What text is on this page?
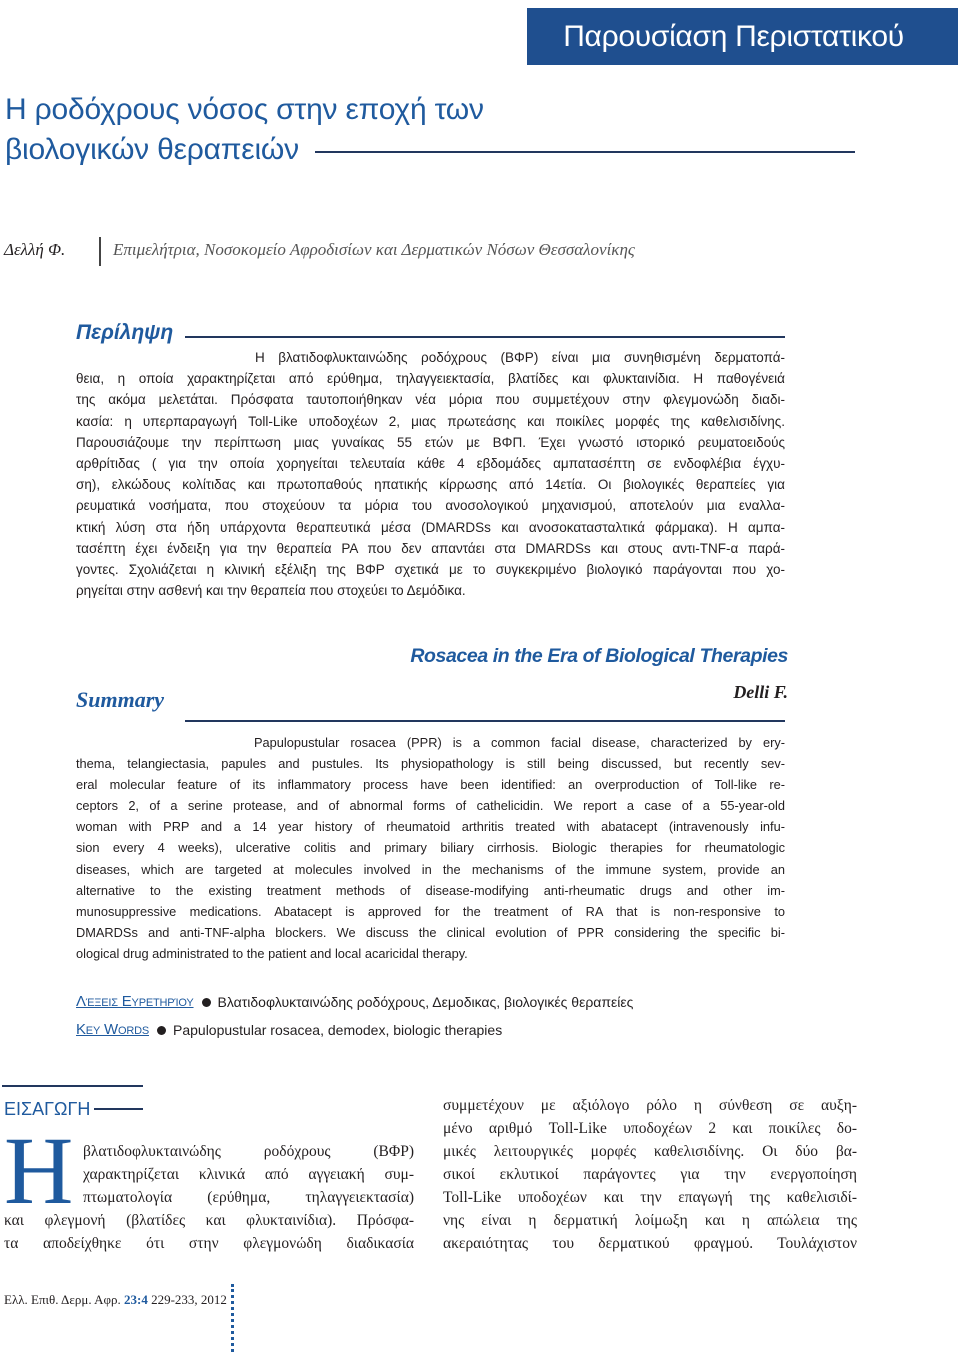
Παρουσίαση Περιστατικού
Η ροδόχρους νόσος στην εποχή των
βιολογικών θεραπειών
Δελλή Φ.	Επιμελήτρια, Νοσοκομείο Αφροδισίων και Δερματικών Νόσων Θεσσαλονίκης
Περίληψη
Η βλατιδοφλυκταινώδης ροδόχρους (ΒΦΡ) είναι μια συνηθισμένη δερματοπά-
θεια, η οποία χαρακτηρίζεται από ερύθημα, τηλαγγειεκτασία, βλατίδες και φλυκταινίδια. Η παθογένειά
της ακόμα μελετάται. Πρόσφατα ταυτοποιήθηκαν νέα μόρια που συμμετέχουν στην φλεγμονώδη διαδι-
κασία: η υπερπαραγωγή Toll-Like υποδοχέων 2, μιας πρωτεάσης και ποικίλες μορφές της καθελισιδίνης.
Παρουσιάζουμε την περίπτωση μιας γυναίκας 55 ετών με ΒΦΠ. Έχει γνωστό ιστορικό ρευματοειδούς
αρθρίτιδας ( για την οποία χορηγείται τελευταία κάθε 4 εβδομάδες αμπατασέπτη σε ενδοφλέβια έγχυ-
ση), ελκώδους κολίτιδας και πρωτοπαθούς ηπατικής κίρρωσης από 14ετία. Οι βιολογικές θεραπείες για
ρευματικά νοσήματα, που στοχεύουν τα μόρια του ανοσολογικού μηχανισμού, αποτελούν μια εναλλα-
κτική λύση στα ήδη υπάρχοντα θεραπευτικά μέσα (DMARDSs και ανοσοκατασταλτικά φάρμακα). Η αμπα-
τασέπτη έχει ένδειξη για την θεραπεία ΡΑ που δεν απαντάει στα DMARDSs και στους αντι-TNF-α παρά-
γοντες. Σχολιάζεται η κλινική εξέλιξη της ΒΦΡ σχετικά με το συγκεκριμένο βιολογικό παράγονται που χο-
ρηγείται στην ασθενή και την θεραπεία που στοχεύει το Δεμόδικα.
Rosacea in the Era of Biological Therapies
Summary	Delli F.
Papulopustular rosacea (PPR) is a common facial disease, characterized by ery-
thema, telangiectasia, papules and pustules. Its physiopathology is still being discussed, but recently sev-
eral molecular feature of its inflammatory process have been identified: an overproduction of Toll-like re-
ceptors 2, of a serine protease, and of abnormal forms of cathelicidin. We report a case of a 55-year-old
woman with PRP and a 14 year history of rheumatoid arthritis treated with abatacept (intravenously infu-
sion every 4 weeks), ulcerative colitis and primary biliary cirrhosis. Biologic therapies for rheumatologic
diseases, which are targeted at molecules involved in the mechanisms of the immune system, provide an
alternative to the existing treatment methods of disease-modifying anti-rheumatic drugs and other im-
munosuppressive medications. Abatacept is approved for the treatment of RA that is non-responsive to
DMARDSs and anti-TNF-alpha blockers. We discuss the clinical evolution of PPR considering the specific bi-
ological drug administrated to the patient and local acaricidal therapy.
Λέξεις Ευρετηρίου Βλατιδοφλυκταινώδης ροδόχρους, Δεμοδικας, βιολογικές θεραπείες
Key Words Papulopustular rosacea, demodex, biologic therapies
ΕΙΣΑΓΩΓΗ
Η βλατιδοφλυκταινώδης ροδόχρους (ΒΦΡ)
χαρακτηρίζεται κλινικά από αγγειακή συμ-
πτωματολογία (ερύθημα, τηλαγγειεκτασία)
και φλεγμονή (βλατίδες και φλυκταινίδια). Πρόσφα-
τα αποδείχθηκε ότι στην φλεγμονώδη διαδικασία
συμμετέχουν με αξιόλογο ρόλο η σύνθεση σε αυξη-
μένο αριθμό Toll-Like υποδοχέων 2 και ποικίλες δο-
μικές λειτουργικές μορφές καθελισιδίνης. Οι δύο βα-
σικοί εκλυτικοί παράγοντες για την ενεργοποίηση
Toll-Like υποδοχέων και την επαγωγή της καθελισιδί-
νης είναι η δερματική λοίμωξη και η απώλεια της
ακεραιότητας του δερματικού φραγμού. Τουλάχιστον
Ελλ. Επιθ. Δερμ. Αφρ. 23:4 229-233, 2012
